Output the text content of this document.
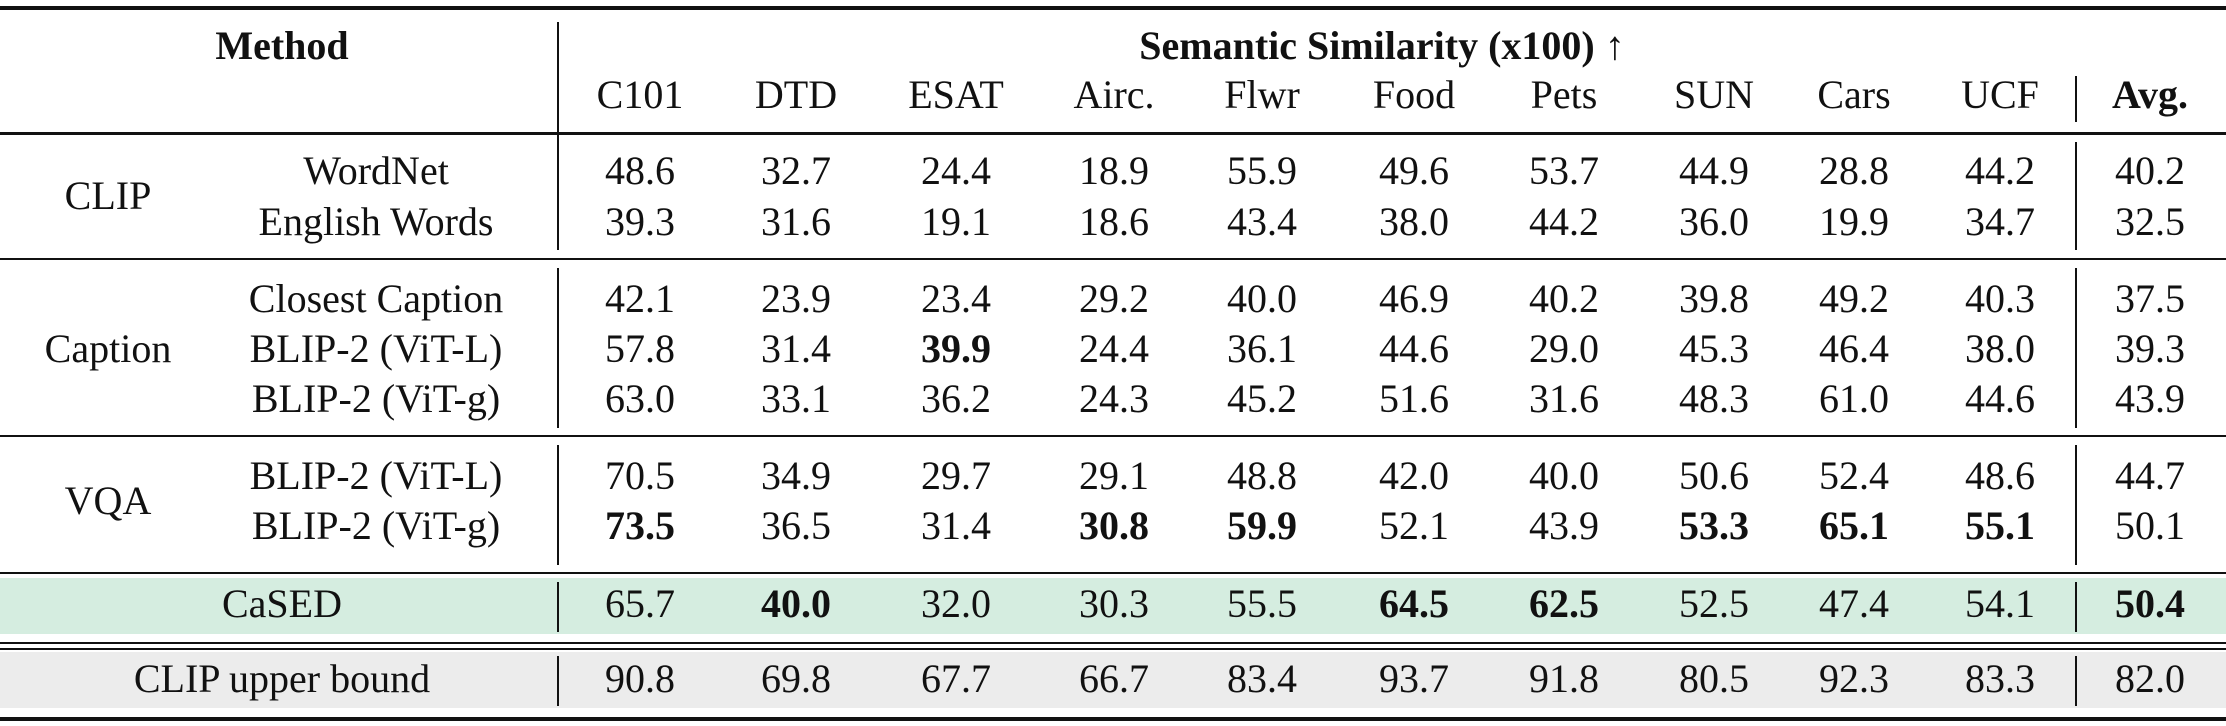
Method	Semantic Similarity (x100) ↑
C101 DTD ESAT Airc. Flwr Food Pets SUN Cars UCF Avg.
CLIP
WordNet	48.6 32.7 24.4 18.9 55.9 49.6 53.7 44.9 28.8 44.2 40.2
English Words	39.3 31.6 19.1 18.6 43.4 38.0 44.2 36.0 19.9 34.7 32.5
Caption
Closest Caption	42.1 23.9 23.4 29.2 40.0 46.9 40.2 39.8 49.2 40.3 37.5
BLIP-2 (ViT-L)	57.8 31.4 39.9 24.4 36.1 44.6 29.0 45.3 46.4 38.0 39.3
BLIP-2 (ViT-g)	63.0 33.1 36.2 24.3 45.2 51.6 31.6 48.3 61.0 44.6 43.9
VQA
BLIP-2 (ViT-L)	70.5 34.9 29.7 29.1 48.8 42.0 40.0 50.6 52.4 48.6 44.7
BLIP-2 (ViT-g)	73.5 36.5 31.4 30.8 59.9 52.1 43.9 53.3 65.1 55.1 50.1
CaSED	65.7 40.0 32.0 30.3 55.5 64.5 62.5 52.5 47.4 54.1 50.4
CLIP upper bound	90.8 69.8 67.7 66.7 83.4 93.7 91.8 80.5 92.3 83.3 82.0
